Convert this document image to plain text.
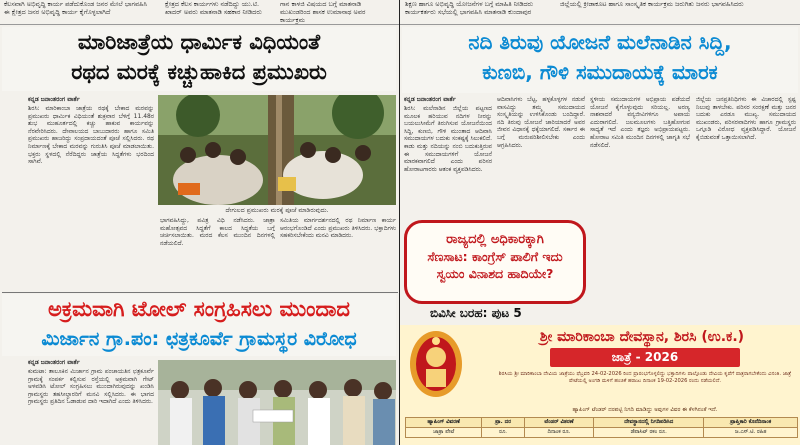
ಕೆಲಸವಾಗಿ ಅಭಿವೃದ್ಧಿ ಕಾರ್ಯ ಪಡೆದುಕೊಂಡ ಜನರ ಮೇಲೆ ಭಾಗವಹಿಸಿ ಈ ಕ್ಷೇತ್ರದ ಜನರ ಅಭಿವೃದ್ಧಿ ಕಾರ್ಯ ಕೈಗೊಳ್ಳಲಾಗಿದೆ
ಕ್ಷೇತ್ರದ ಕೆಲಸ ಕಾರ್ಯಗಳು ನಡೆದಿದ್ದು ಯು.ಟಿ. ಖಾದರ್ ಅವರು ಮಾತನಾಡಿ ಸಹಕಾರ ನೀಡಿದರು
ಗಾನ ಕಾಳಜಿ ವಿಷಯದ ಬಗ್ಗೆ ಮಾತನಾಡಿ ಮುಖಂಡರಿಂದ ಶಾಸಕ ಉಮಾನಾಥ ಅವರ ಕಾರ್ಯಕ್ರಮ
ಶಿಕ್ಷಣ ಹಾಗೂ ಅಭಿವೃದ್ಧಿ ಯೋಜನೆಗಳ ಬಗ್ಗೆ ಮಾಹಿತಿ ನೀಡಿದರು ಕಾರ್ಯಕರ್ತರು ಸಭೆಯಲ್ಲಿ ಭಾಗವಹಿಸಿ ಮಾತನಾಡಿ ಕುಂದಾಪುರ
ಜಿಲ್ಲೆಯಲ್ಲಿ ಕ್ರೀಡಾಕೂಟ ಹಾಗೂ ಸಾಂಸ್ಕೃತಿಕ ಕಾರ್ಯಕ್ರಮ ಜರುಗಿತು ಜನರು ಭಾಗವಹಿಸಿದರು
ಮಾರಿಜಾತ್ರೆಯ ಧಾರ್ಮಿಕ ವಿಧಿಯಂತೆ
ರಥದ ಮರಕ್ಕೆ ಕಚ್ಚುಹಾಕಿದ ಪ್ರಮುಖರು
ಕನ್ನಡ ಜನಾಂತರಂಗ ವಾರ್ತೆ
ಶಿರಸಿ: ಮಾರಿಕಾಂಬಾ ಜಾತ್ರೆಯ ರಥಕ್ಕೆ ಬೇಕಾದ ಮರವನ್ನು ಪ್ರಮುಖರು ಧಾರ್ಮಿಕ ವಿಧಿಯಂತೆ ಶುಕ್ರವಾರ ಬೆಳಿಗ್ಗೆ 11.48ರ ಶುಭ ಮುಹೂರ್ತದಲ್ಲಿ ಕಚ್ಚು ಹಾಕುವ ಕಾರ್ಯವನ್ನು ನೆರವೇರಿಸಿದರು. ದೇವಾಲಯದ ಬಾಬುದಾರರು ಹಾಗೂ ಸಮಿತಿ ಪ್ರಮುಖರು ಹಾಜರಿದ್ದು ಸಂಪ್ರದಾಯದಂತೆ ಪೂಜೆ ಸಲ್ಲಿಸಿದರು. ರಥ ನಿರ್ಮಾಣಕ್ಕೆ ಬೇಕಾದ ಮರವನ್ನು ಗುರುತಿಸಿ ಪೂಜೆ ಮಾಡಲಾಯಿತು. ಭಕ್ತರು ಸ್ಥಳದಲ್ಲಿ ನೆರೆದಿದ್ದರು ಜಾತ್ರೆಯ ಸಿದ್ಧತೆಗಳು ಭರದಿಂದ ಸಾಗಿವೆ.
ದೇಗುಲದ ಪ್ರಮುಖರು ಮರಕ್ಕೆ ಪೂಜೆ ಮಾಡಿರುವುದು.
ಭಾಗವಹಿಸಿದ್ದು, ಪವಿತ್ರ ವಿಧಿ ನಡೆಸಿದರು. ಜಾತ್ರಾ ಮಹೋತ್ಸವದ ಸಿದ್ಧತೆಗೆ ಕಾಲದ ಸಿದ್ಧತೆಯ ಬಗ್ಗೆ ಚರ್ಚಿಸಲಾಯಿತು. ಮರದ ಕೆಲಸ ಮುಂದಿನ ದಿನಗಳಲ್ಲಿ ನಡೆಯಲಿದೆ.
ಸಮಿತಿಯ ಮಾರ್ಗದರ್ಶನದಲ್ಲಿ ರಥ ನಿರ್ಮಾಣ ಕಾರ್ಯ ಆರಂಭಗೊಂಡಿದೆ ಎಂದು ಪ್ರಮುಖರು ತಿಳಿಸಿದರು. ಭಕ್ತಾದಿಗಳು ಸಹಕರಿಸಬೇಕೆಂದು ಮನವಿ ಮಾಡಿದರು.
ಅಕ್ರಮವಾಗಿ ಟೋಲ್ ಸಂಗ್ರಹಿಸಲು ಮುಂದಾದ
ಮಿರ್ಜಾನ ಗ್ರಾ.ಪಂ: ಛತ್ರಕೂರ್ವೆ ಗ್ರಾಮಸ್ಥರ ವಿರೋಧ
ಕನ್ನಡ ಜನಾಂತರಂಗ ವಾರ್ತೆ
ಕುಮಟಾ: ತಾಲೂಕಿನ ಮಿರ್ಜಾನ ಗ್ರಾಮ ಪಂಚಾಯತಿನ ಛತ್ರಕೂರ್ವೆ ಗ್ರಾಮಕ್ಕೆ ಸಂಪರ್ಕ ಕಲ್ಪಿಸುವ ರಸ್ತೆಯಲ್ಲಿ ಅಕ್ರಮವಾಗಿ ಗೇಟ್ ಅಳವಡಿಸಿ ಟೋಲ್ ಸಂಗ್ರಹಿಸಲು ಮುಂದಾಗಿರುವುದನ್ನು ಖಂಡಿಸಿ ಗ್ರಾಮಸ್ಥರು ತಹಸೀಲ್ದಾರರಿಗೆ ಮನವಿ ಸಲ್ಲಿಸಿದರು. ಈ ಭಾಗದ ಗ್ರಾಮಸ್ಥರು ಪ್ರತಿದಿನ ಓಡಾಡುವ ದಾರಿ ಇದಾಗಿದೆ ಎಂದು ತಿಳಿಸಿದರು.
ನದಿ ತಿರುವು ಯೋಜನೆ ಮಲೆನಾಡಿನ ಸಿದ್ದಿ,
ಕುಣಬಿ, ಗೌಳಿ ಸಮುದಾಯಕ್ಕೆ ಮಾರಕ
ಕನ್ನಡ ಜನಾಂತರಂಗ ವಾರ್ತೆ
ಶಿರಸಿ: ಮಲೆನಾಡಿನ ಜಿಲ್ಲೆಯ ಪಟ್ಟಣದ ಮೂಲಕ ಹರಿಯುವ ನದಿಗಳ ನೀರನ್ನು ಬಯಲುಸೀಮೆಗೆ ತಿರುಗಿಸುವ ಯೋಜನೆಯಿಂದ ಸಿದ್ದಿ, ಕುಣಬಿ, ಗೌಳಿ ಮುಂತಾದ ಆದಿವಾಸಿ ಸಮುದಾಯಗಳ ಬದುಕು ಸಂಕಷ್ಟಕ್ಕೆ ಸಿಲುಕಲಿದೆ. ಕಾಡು ಮತ್ತು ನದಿಯನ್ನು ನಂಬಿ ಬದುಕುತ್ತಿರುವ ಈ ಸಮುದಾಯಗಳಿಗೆ ಯೋಜನೆ ಮಾರಕವಾಗಲಿದೆ ಎಂದು ಪರಿಸರ ಹೋರಾಟಗಾರರು ಆತಂಕ ವ್ಯಕ್ತಪಡಿಸಿದರು.
ಆದಿವಾಸಿಗಳು ಬೆಟ್ಟ, ಹಳ್ಳಕೊಳ್ಳಗಳ ನಡುವೆ ವಾಸವಿದ್ದು ತಮ್ಮ ಸಮುದಾಯದ ಸಂಸ್ಕೃತಿಯನ್ನು ಉಳಿಸಿಕೊಂಡು ಬಂದಿದ್ದಾರೆ. ನದಿ ತಿರುವು ಯೋಜನೆ ಜಾರಿಯಾದರೆ ಅವರ ಜೀವನ ವಿಧಾನಕ್ಕೆ ಧಕ್ಕೆಯಾಗಲಿದೆ. ಸರ್ಕಾರ ಈ ಬಗ್ಗೆ ಮರುಪರಿಶೀಲಿಸಬೇಕು ಎಂದು ಆಗ್ರಹಿಸಿದರು.
ಸ್ಥಳೀಯ ಸಮುದಾಯಗಳ ಅಭಿಪ್ರಾಯ ಪಡೆಯದೆ ಯೋಜನೆ ಕೈಗೊಳ್ಳುವುದು ಸರಿಯಲ್ಲ. ಅರಣ್ಯ ನಾಶವಾದರೆ ವನ್ಯಜೀವಿಗಳಿಗೂ ಅಪಾಯ ಎದುರಾಗಲಿದೆ. ಜಲಮೂಲಗಳು ಬತ್ತಿಹೋಗುವ ಸಾಧ್ಯತೆ ಇದೆ ಎಂದು ತಜ್ಞರು ಅಭಿಪ್ರಾಯಪಟ್ಟರು. ಹೋರಾಟ ಸಮಿತಿ ಮುಂದಿನ ದಿನಗಳಲ್ಲಿ ಜಾಗೃತಿ ಸಭೆ ನಡೆಸಲಿದೆ.
ಜಿಲ್ಲೆಯ ಜನಪ್ರತಿನಿಧಿಗಳು ಈ ವಿಚಾರದಲ್ಲಿ ಸ್ಪಷ್ಟ ನಿಲುವು ತಾಳಬೇಕು. ಪರಿಸರ ಸಂರಕ್ಷಣೆ ಮತ್ತು ಜನರ ಬದುಕು ಎರಡೂ ಮುಖ್ಯ. ಸಮುದಾಯದ ಮುಖಂಡರು, ಪರಿಸರವಾದಿಗಳು ಹಾಗೂ ಗ್ರಾಮಸ್ಥರು ಒಗ್ಗೂಡಿ ವಿರೋಧ ವ್ಯಕ್ತಪಡಿಸಿದ್ದಾರೆ. ಯೋಜನೆ ಕೈಬಿಡುವಂತೆ ಒತ್ತಾಯಿಸಲಾಗಿದೆ.
ರಾಜ್ಯದಲ್ಲಿ ಅಧಿಕಾರಕ್ಕಾಗಿ
ಸೆಣಸಾಟ: ಕಾಂಗ್ರೆಸ್ ಪಾಲಿಗೆ ಇದು
ಸ್ವಯಂ ವಿನಾಶದ ಹಾದಿಯೇ?
ಬಿವಿಸೀ ಬರಹ: ಪುಟ 5
ಶ್ರೀ ಮಾರಿಕಾಂಬಾ ದೇವಸ್ಥಾನ, ಶಿರಸಿ (ಉ.ಕ.)
ಜಾತ್ರೆ - 2026
ಶಿರಸಿಯ ಶ್ರೀ ಮಾರಿಕಾಂಬಾ ದೇವಿಯ ಜಾತ್ರೆಯು ಫೆಬ್ರವರಿ 24-02-2026 ರಿಂದ ಪ್ರಾರಂಭಗೊಳ್ಳಲಿದ್ದು ಭಕ್ತಾದಿಗಳು ಪಾಲ್ಗೊಂಡು ದೇವಿಯ ಕೃಪೆಗೆ ಪಾತ್ರರಾಗಬೇಕೆಂದು ವಿನಂತಿ. ಜಾತ್ರೆ ಪೇಟೆಯಲ್ಲಿ ಅಂಗಡಿ ಮಳಿಗೆ ಹಂಚಿಕೆ ಹರಾಜು ದಿನಾಂಕ 19-02-2026 ರಂದು ನಡೆಯಲಿದೆ.
ಹ್ಯಾಪಿಂಗ್ ಟೆಂಡರ್ ದರಪಟ್ಟಿ ನಿಗದಿ ಮಾಡಿದ್ದು ಅವುಗಳ ವಿವರ ಈ ಕೆಳಗಿನಂತೆ ಇದೆ.
ಹ್ಯಾಪಿಂಗ್ ವಿವರಣೆ	ಪ್ರಾ. ದರ	ಟೆಂಡರ್ ವಿತರಣೆ	ದೇವಸ್ಥಾನದಲ್ಲಿ ನಿಗದಿಪಡಿಸಿದ	ಪ್ರಾಪ್ತಿಕಾರಿ ಕೊನೆದಿನಾಂಕ
ಜಾತ್ರಾ ಪೇಟೆ	ರೂ.	ದಿನಾಂಕ ರೂ.	ಡೆಪಾಸಿಟ್ ರಕಂ ರೂ.	ಜ.ಎಸ್.ಟಿ. ರಹಿತ
